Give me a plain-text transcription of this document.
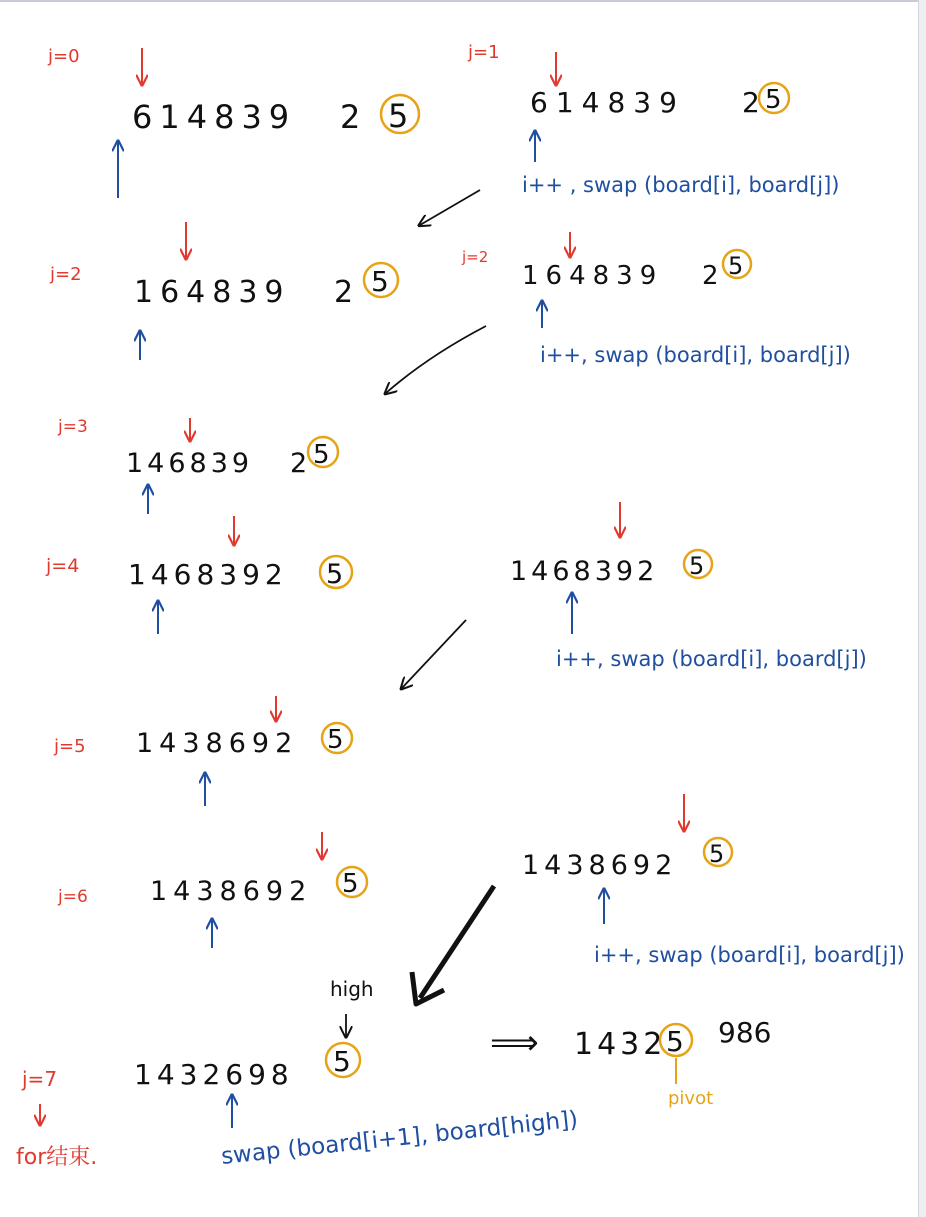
j=0
614839 2 5
j=1
614839 2 5
i++ , swap (board[i], board[j])
j=2
164839 2 5
j=2
164839 2 5
i++, swap (board[i], board[j])
j=3
146839 2 5
j=4 1468392 5	1468392 5
i++, swap (board[i], board[j])
j=5 1438692 5
j=6 1438692 5
1438692 5
i++, swap (board[i], board[j])
high
j=7	1432698 5
swap (board[i+1], board[high])
for结束.
⟹ 1432 5 986
pivot
